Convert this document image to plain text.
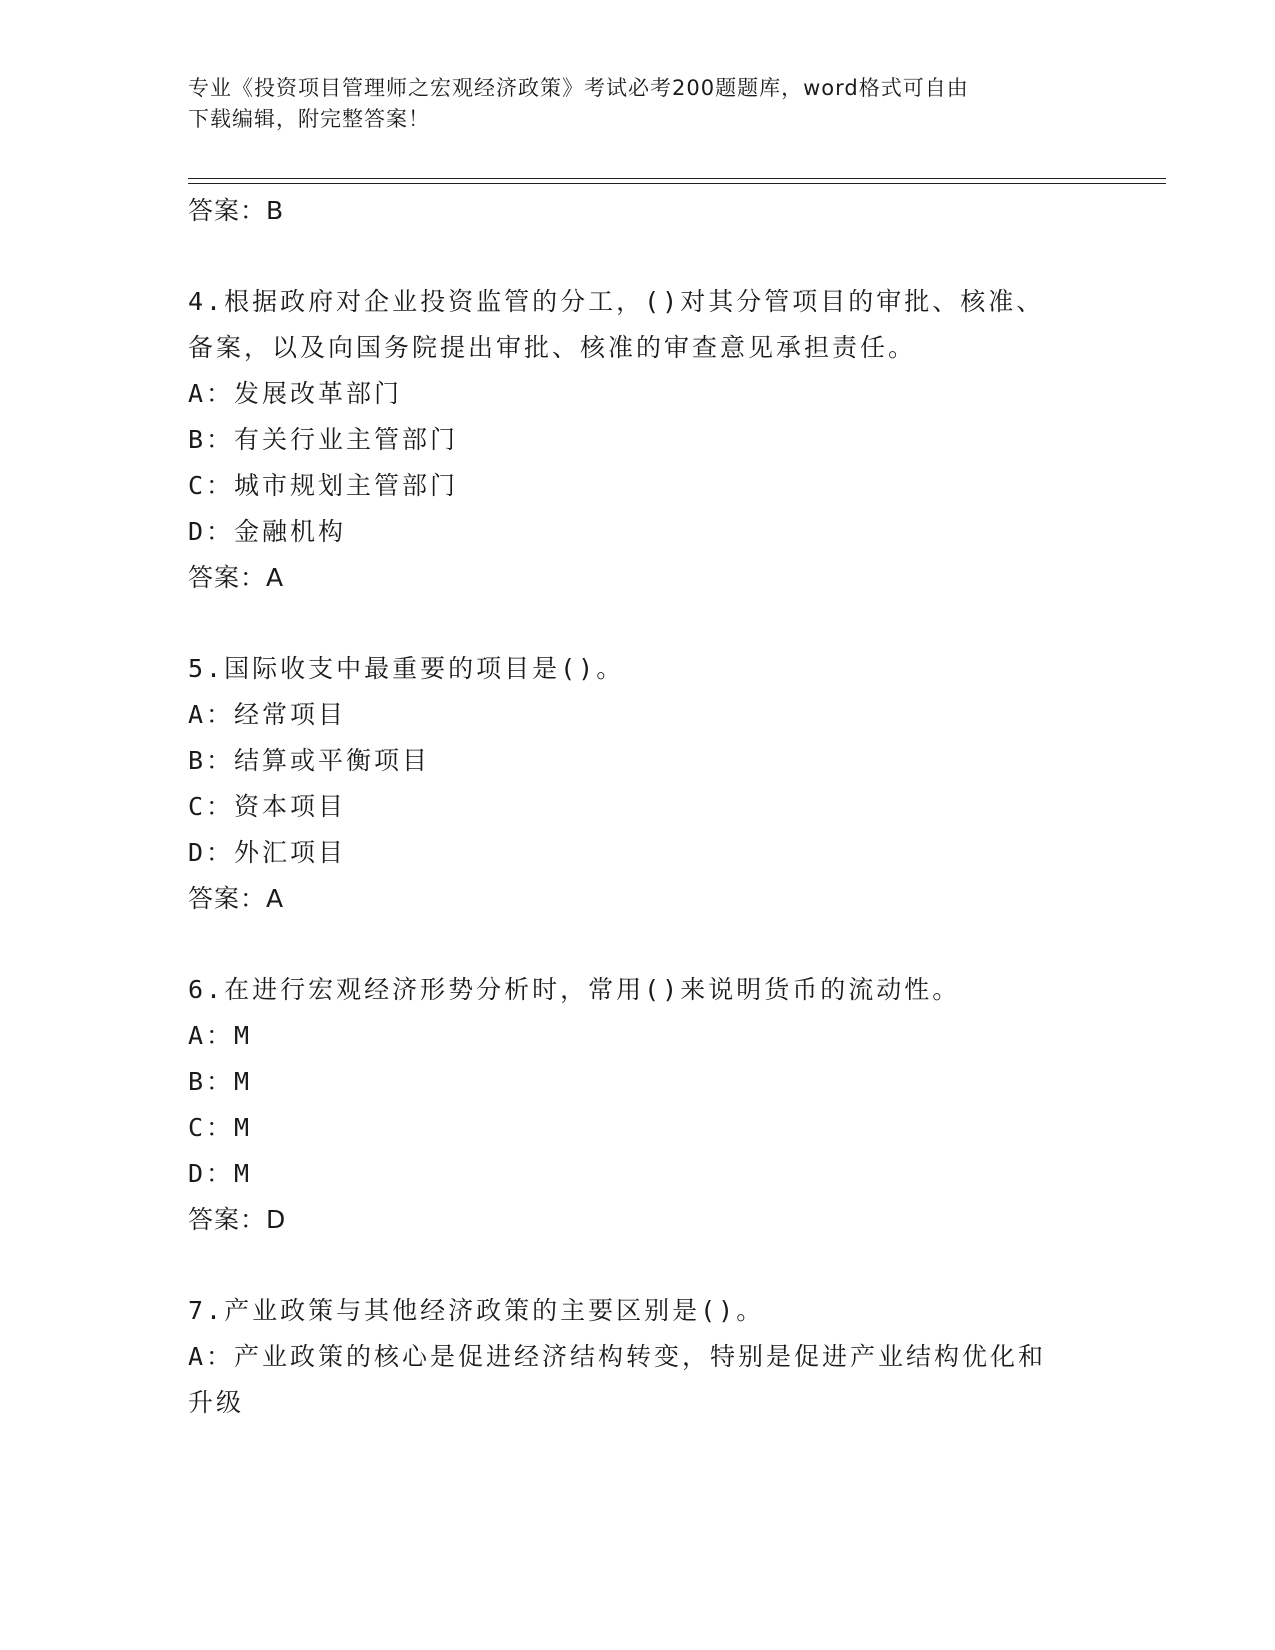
专业《投资项目管理师之宏观经济政策》考试必考200题题库，word格式可自由
下载编辑，附完整答案！
答案：B
4.根据政府对企业投资监管的分工，()对其分管项目的审批、核准、
备案，以及向国务院提出审批、核准的审查意见承担责任。
A：发展改革部门
B：有关行业主管部门
C：城市规划主管部门
D：金融机构
答案：A
5.国际收支中最重要的项目是()。
A：经常项目
B：结算或平衡项目
C：资本项目
D：外汇项目
答案：A
6.在进行宏观经济形势分析时，常用()来说明货币的流动性。
A：M
B：M
C：M
D：M
答案：D
7.产业政策与其他经济政策的主要区别是()。
A：产业政策的核心是促进经济结构转变，特别是促进产业结构优化和
升级
